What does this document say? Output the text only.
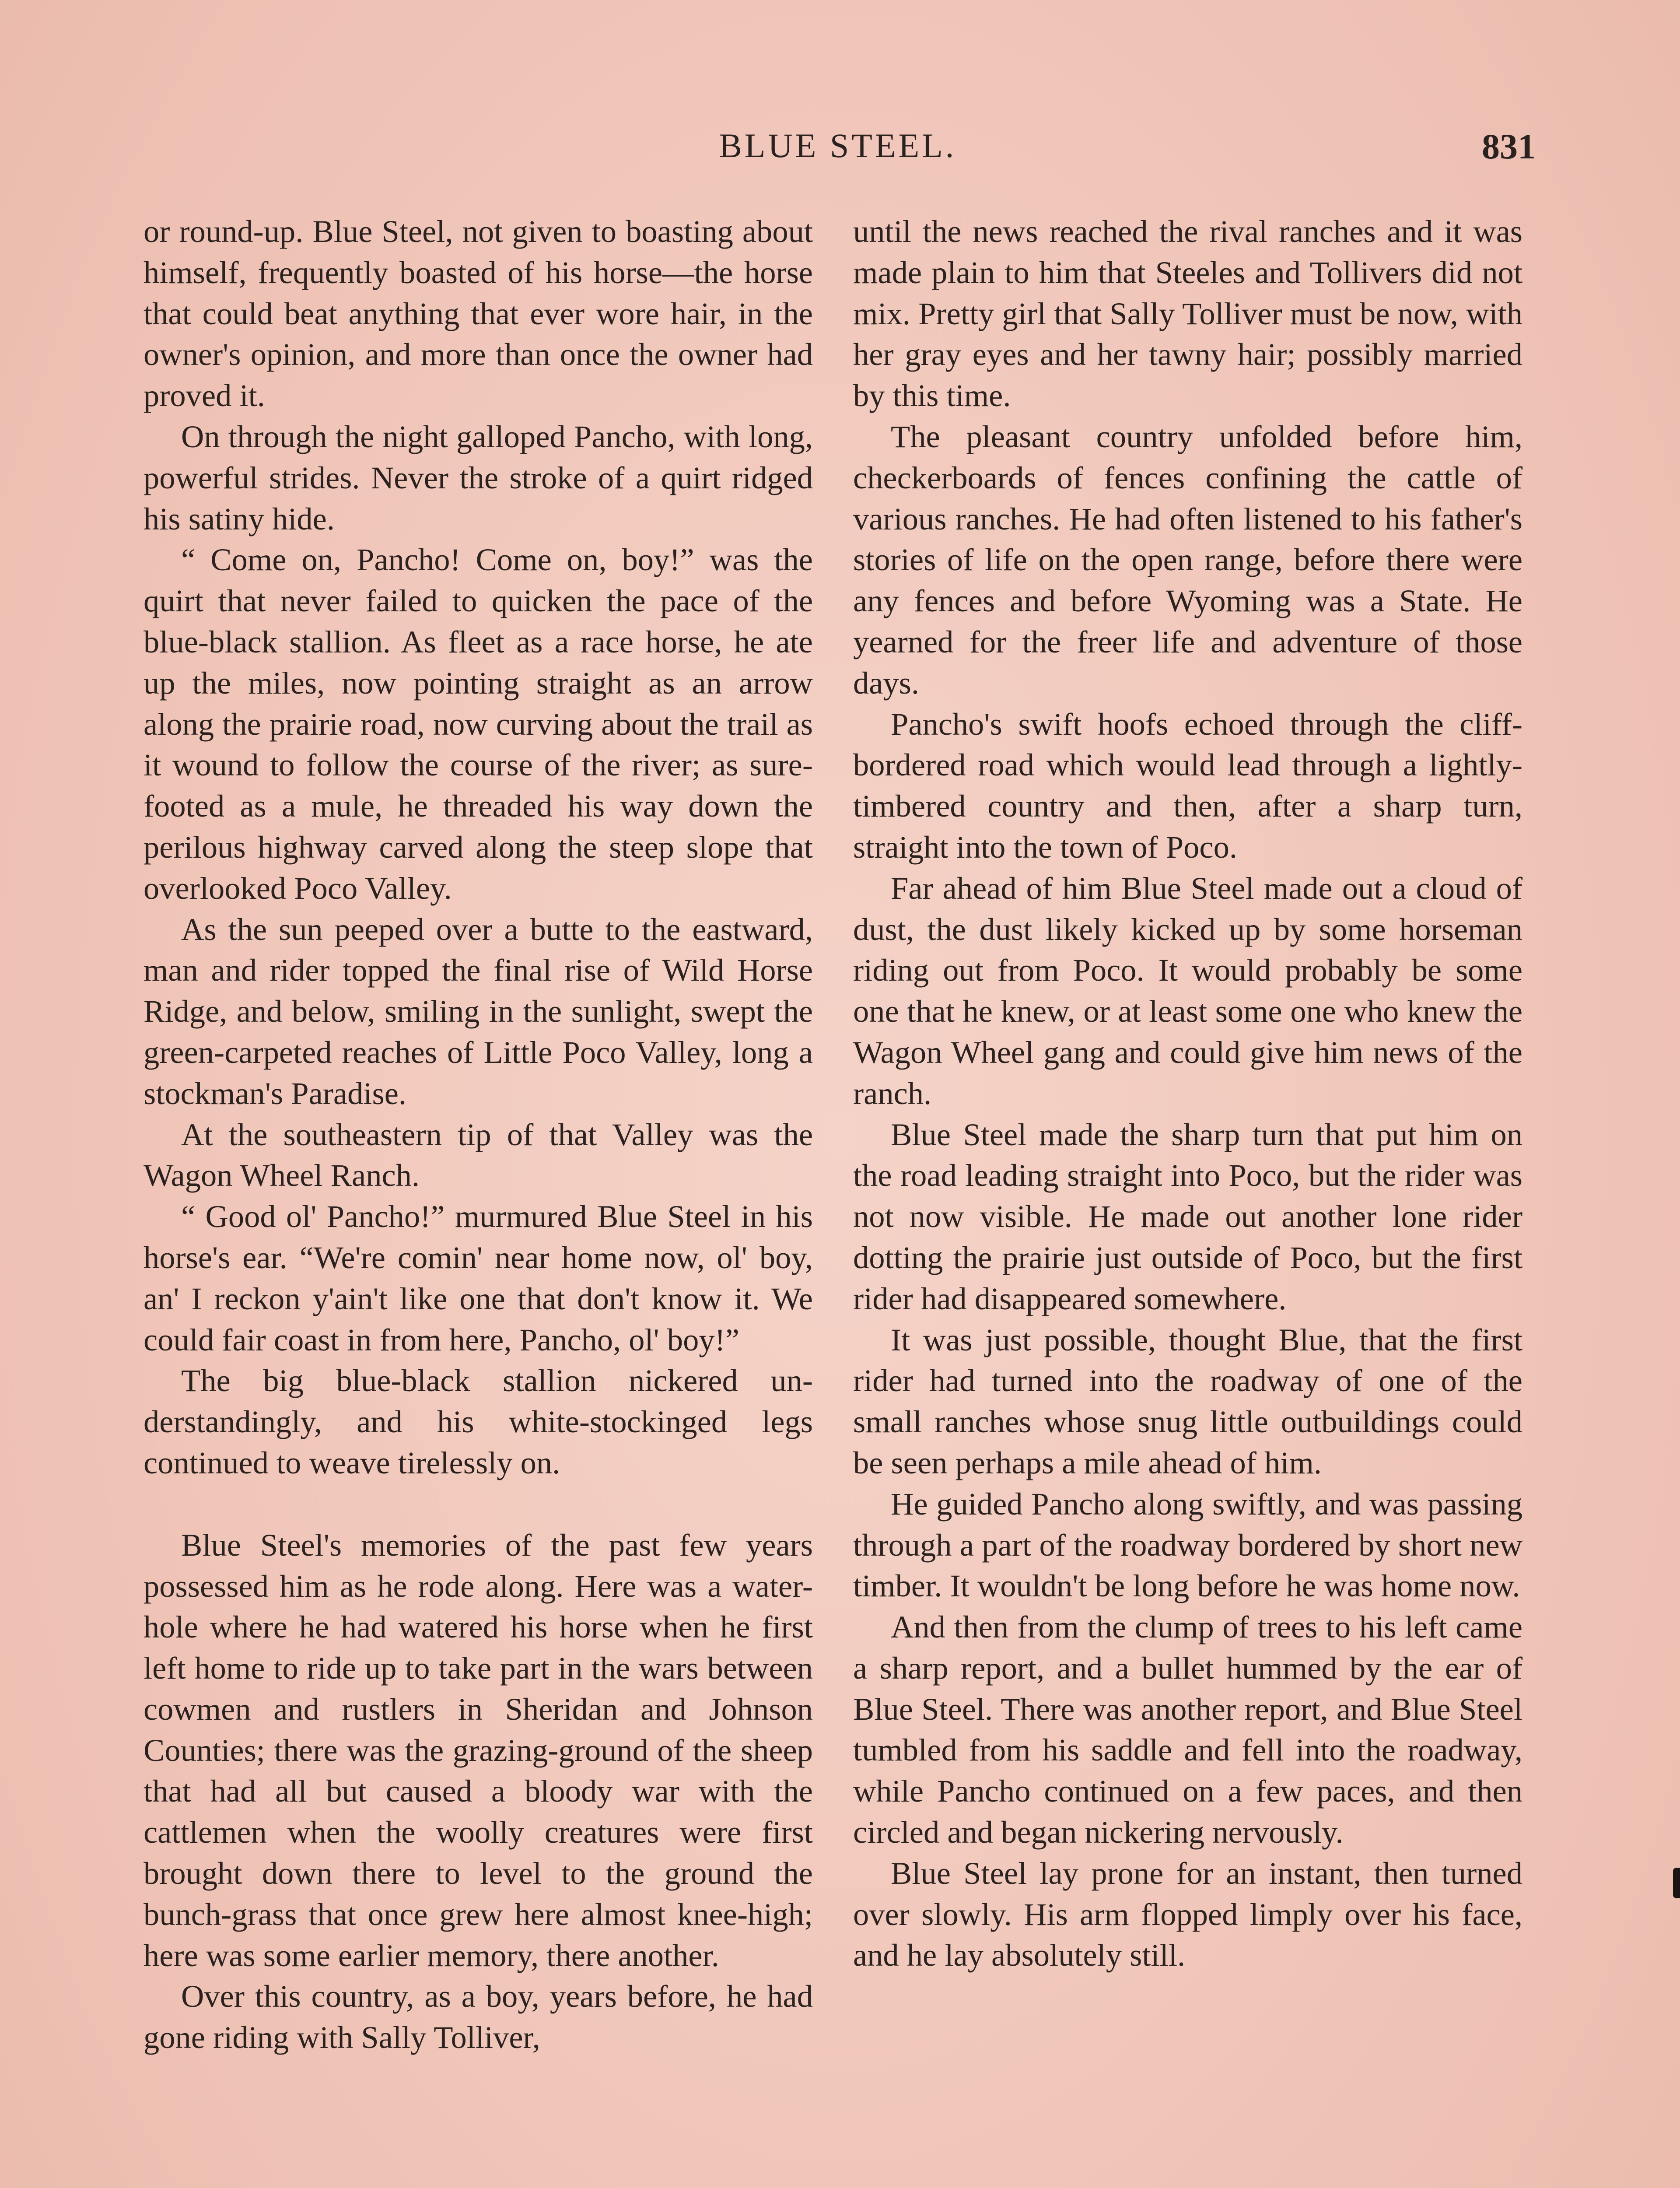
BLUE STEEL.	831

or round-up. Blue Steel, not given to boasting about himself, frequently boasted of his horse—the horse that could beat anything that ever wore hair, in the owner's opinion, and more than once the owner had proved it.

On through the night galloped Pancho, with long, powerful strides. Never the stroke of a quirt ridged his satiny hide.

“ Come on, Pancho! Come on, boy!” was the quirt that never failed to quicken the pace of the blue-black stallion. As fleet as a race horse, he ate up the miles, now pointing straight as an arrow along the prairie road, now curving about the trail as it wound to follow the course of the river; as sure-footed as a mule, he threaded his way down the perilous highway carved along the steep slope that overlooked Poco Valley.

As the sun peeped over a butte to the eastward, man and rider topped the final rise of Wild Horse Ridge, and below, smiling in the sunlight, swept the green-carpeted reaches of Little Poco Valley, long a stockman's Paradise.

At the southeastern tip of that Valley was the Wagon Wheel Ranch.

“ Good ol' Pancho!” murmured Blue Steel in his horse's ear. “We're comin' near home now, ol' boy, an' I reckon y'ain't like one that don't know it. We could fair coast in from here, Pancho, ol' boy!”

The big blue-black stallion nickered understandingly, and his white-stockinged legs continued to weave tirelessly on.

Blue Steel's memories of the past few years possessed him as he rode along. Here was a water-hole where he had watered his horse when he first left home to ride up to take part in the wars between cowmen and rustlers in Sheridan and Johnson Counties; there was the grazing-ground of the sheep that had all but caused a bloody war with the cattlemen when the woolly creatures were first brought down there to level to the ground the bunch-grass that once grew here almost knee-high; here was some earlier memory, there another.

Over this country, as a boy, years before, he had gone riding with Sally Tolliver,

until the news reached the rival ranches and it was made plain to him that Steeles and Tollivers did not mix. Pretty girl that Sally Tolliver must be now, with her gray eyes and her tawny hair; possibly married by this time.

The pleasant country unfolded before him, checkerboards of fences confining the cattle of various ranches. He had often listened to his father's stories of life on the open range, before there were any fences and before Wyoming was a State. He yearned for the freer life and adventure of those days.

Pancho's swift hoofs echoed through the cliff-bordered road which would lead through a lightly-timbered country and then, after a sharp turn, straight into the town of Poco.

Far ahead of him Blue Steel made out a cloud of dust, the dust likely kicked up by some horseman riding out from Poco. It would probably be some one that he knew, or at least some one who knew the Wagon Wheel gang and could give him news of the ranch.

Blue Steel made the sharp turn that put him on the road leading straight into Poco, but the rider was not now visible. He made out another lone rider dotting the prairie just outside of Poco, but the first rider had disappeared somewhere.

It was just possible, thought Blue, that the first rider had turned into the roadway of one of the small ranches whose snug little outbuildings could be seen perhaps a mile ahead of him.

He guided Pancho along swiftly, and was passing through a part of the roadway bordered by short new timber. It wouldn't be long before he was home now.

And then from the clump of trees to his left came a sharp report, and a bullet hummed by the ear of Blue Steel. There was another report, and Blue Steel tumbled from his saddle and fell into the roadway, while Pancho continued on a few paces, and then circled and began nickering nervously.

Blue Steel lay prone for an instant, then turned over slowly. His arm flopped limply over his face, and he lay absolutely still.
